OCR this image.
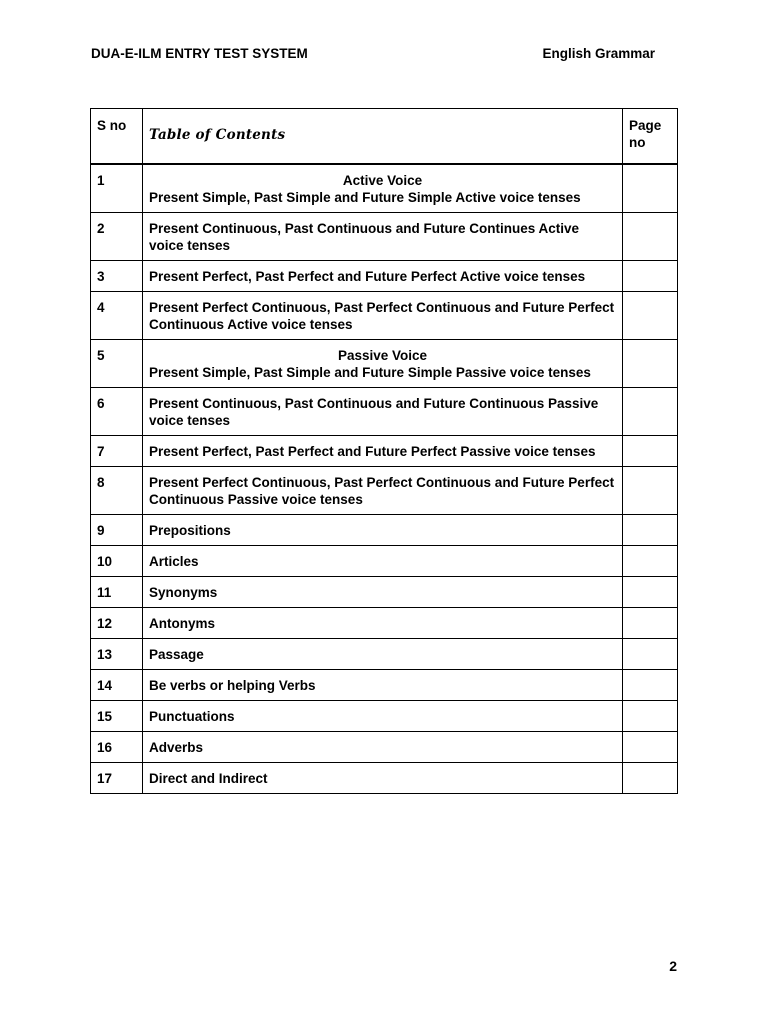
DUA-E-ILM ENTRY TEST SYSTEM	English Grammar
S no	Table of Contents	Page no
1	Active Voice
Present Simple, Past Simple and Future Simple Active voice tenses	
2	Present Continuous, Past Continuous and Future Continues Active voice tenses	
3	Present Perfect, Past Perfect and Future Perfect Active voice tenses	
4	Present Perfect Continuous, Past Perfect Continuous and Future Perfect Continuous Active voice tenses	
5	Passive Voice
Present Simple, Past Simple and Future Simple Passive voice tenses	
6	Present Continuous, Past Continuous and Future Continuous Passive voice tenses	
7	Present Perfect, Past Perfect and Future Perfect Passive voice tenses	
8	Present Perfect Continuous, Past Perfect Continuous and Future Perfect Continuous Passive voice tenses	
9	Prepositions	
10	Articles	
11	Synonyms	
12	Antonyms	
13	Passage	
14	Be verbs or helping Verbs	
15	Punctuations	
16	Adverbs	
17	Direct and Indirect	
2
